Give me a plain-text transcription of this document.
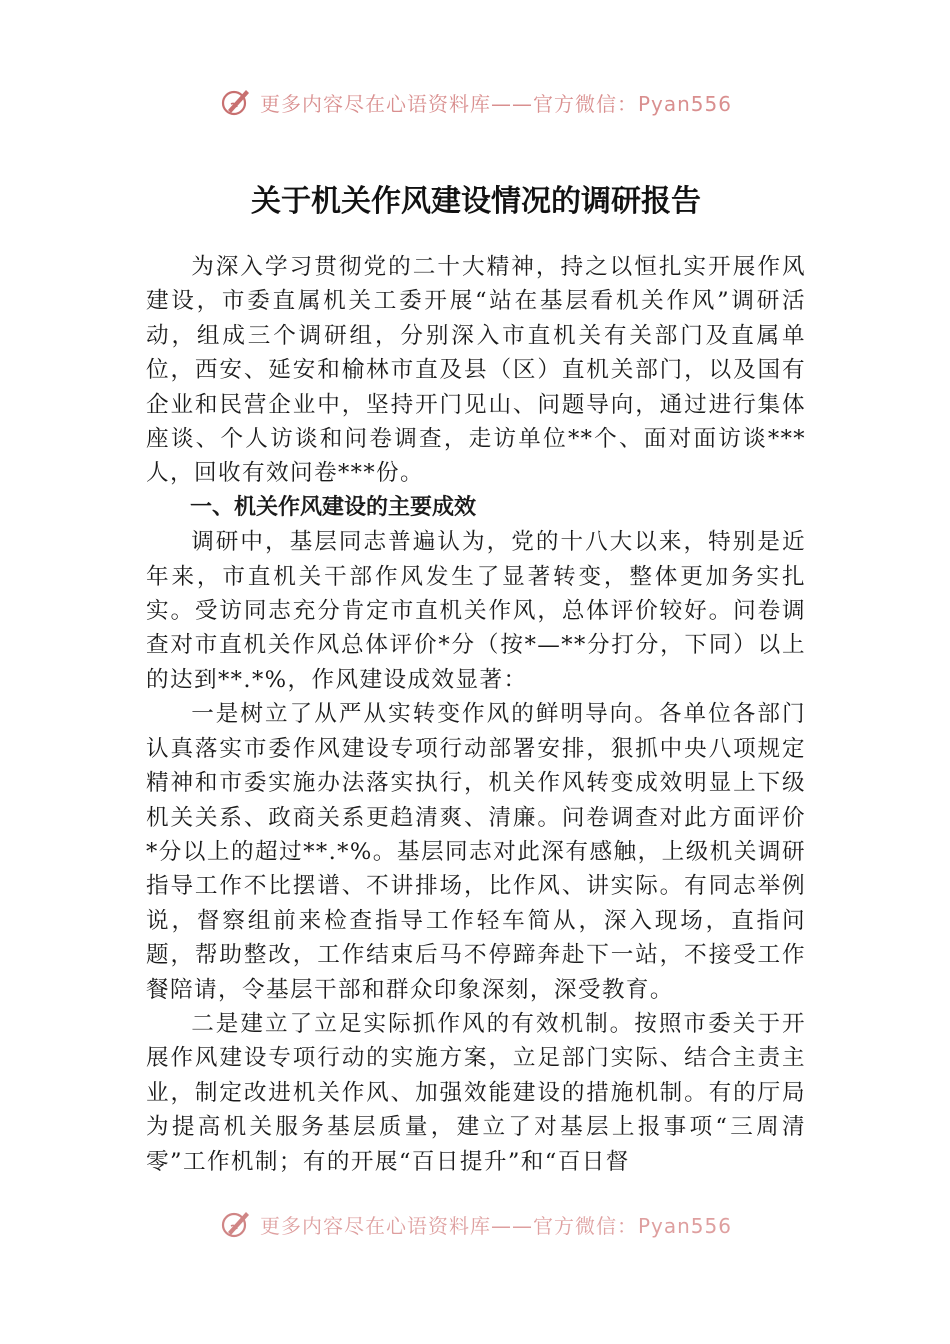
更多内容尽在心语资料库——官方微信：Pyan556
关于机关作风建设情况的调研报告

为深入学习贯彻党的二十大精神，持之以恒扎实开展作风建设，市委直属机关工委开展“站在基层看机关作风”调研活动，组成三个调研组，分别深入市直机关有关部门及直属单位，西安、延安和榆林市直及县（区）直机关部门，以及国有企业和民营企业中，坚持开门见山、问题导向，通过进行集体座谈、个人访谈和问卷调查，走访单位**个、面对面访谈***人，回收有效问卷***份。

一、机关作风建设的主要成效

调研中，基层同志普遍认为，党的十八大以来，特别是近年来，市直机关干部作风发生了显著转变，整体更加务实扎实。受访同志充分肯定市直机关作风，总体评价较好。问卷调查对市直机关作风总体评价*分（按*—**分打分，下同）以上的达到**.*%，作风建设成效显著：

一是树立了从严从实转变作风的鲜明导向。各单位各部门认真落实市委作风建设专项行动部署安排，狠抓中央八项规定精神和市委实施办法落实执行，机关作风转变成效明显上下级机关关系、政商关系更趋清爽、清廉。问卷调查对此方面评价*分以上的超过**.*%。基层同志对此深有感触，上级机关调研指导工作不比摆谱、不讲排场，比作风、讲实际。有同志举例说，督察组前来检查指导工作轻车简从，深入现场，直指问题，帮助整改，工作结束后马不停蹄奔赴下一站，不接受工作餐陪请，令基层干部和群众印象深刻，深受教育。

二是建立了立足实际抓作风的有效机制。按照市委关于开展作风建设专项行动的实施方案，立足部门实际、结合主责主业，制定改进机关作风、加强效能建设的措施机制。有的厅局为提高机关服务基层质量，建立了对基层上报事项“三周清零”工作机制；有的开展“百日提升”和“百日督

更多内容尽在心语资料库——官方微信：Pyan556
